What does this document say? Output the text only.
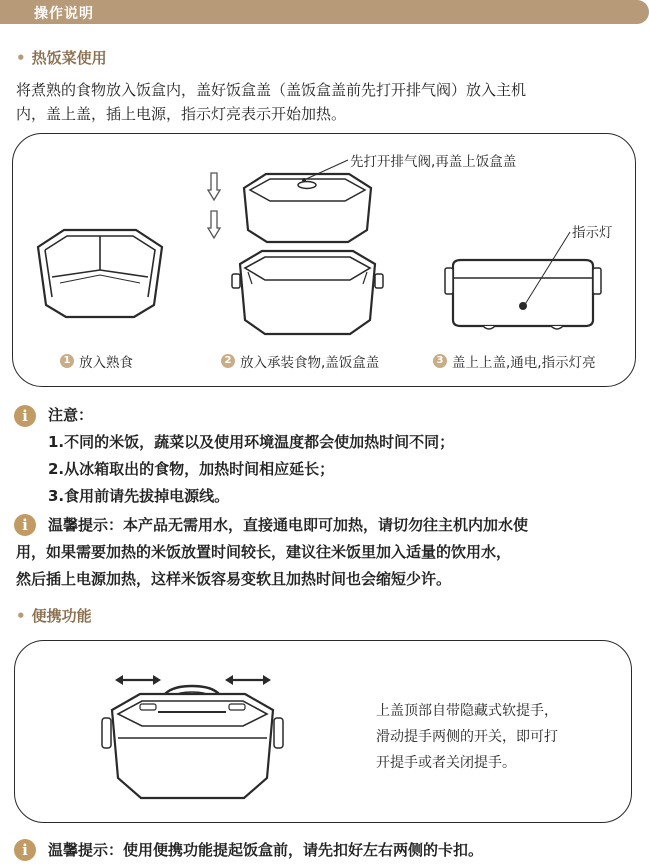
操作说明
• 热饭菜使用
将煮熟的食物放入饭盒内，盖好饭盒盖（盖饭盒盖前先打开排气阀）放入主机
内，盖上盖，插上电源，指示灯亮表示开始加热。
先打开排气阀,再盖上饭盒盖
指示灯
1 放入熟食	2 放入承装食物,盖饭盒盖	3 盖上上盖,通电,指示灯亮
i	注意：
1.不同的米饭，蔬菜以及使用环境温度都会使加热时间不同；
2.从冰箱取出的食物，加热时间相应延长；
3.食用前请先拔掉电源线。
i	温馨提示：本产品无需用水，直接通电即可加热，请切勿往主机内加水使
用，如果需要加热的米饭放置时间较长，建议往米饭里加入适量的饮用水，
然后插上电源加热，这样米饭容易变软且加热时间也会缩短少许。
• 便携功能
上盖顶部自带隐藏式软提手，
滑动提手两侧的开关，即可打
开提手或者关闭提手。
i	温馨提示：使用便携功能提起饭盒前，请先扣好左右两侧的卡扣。
